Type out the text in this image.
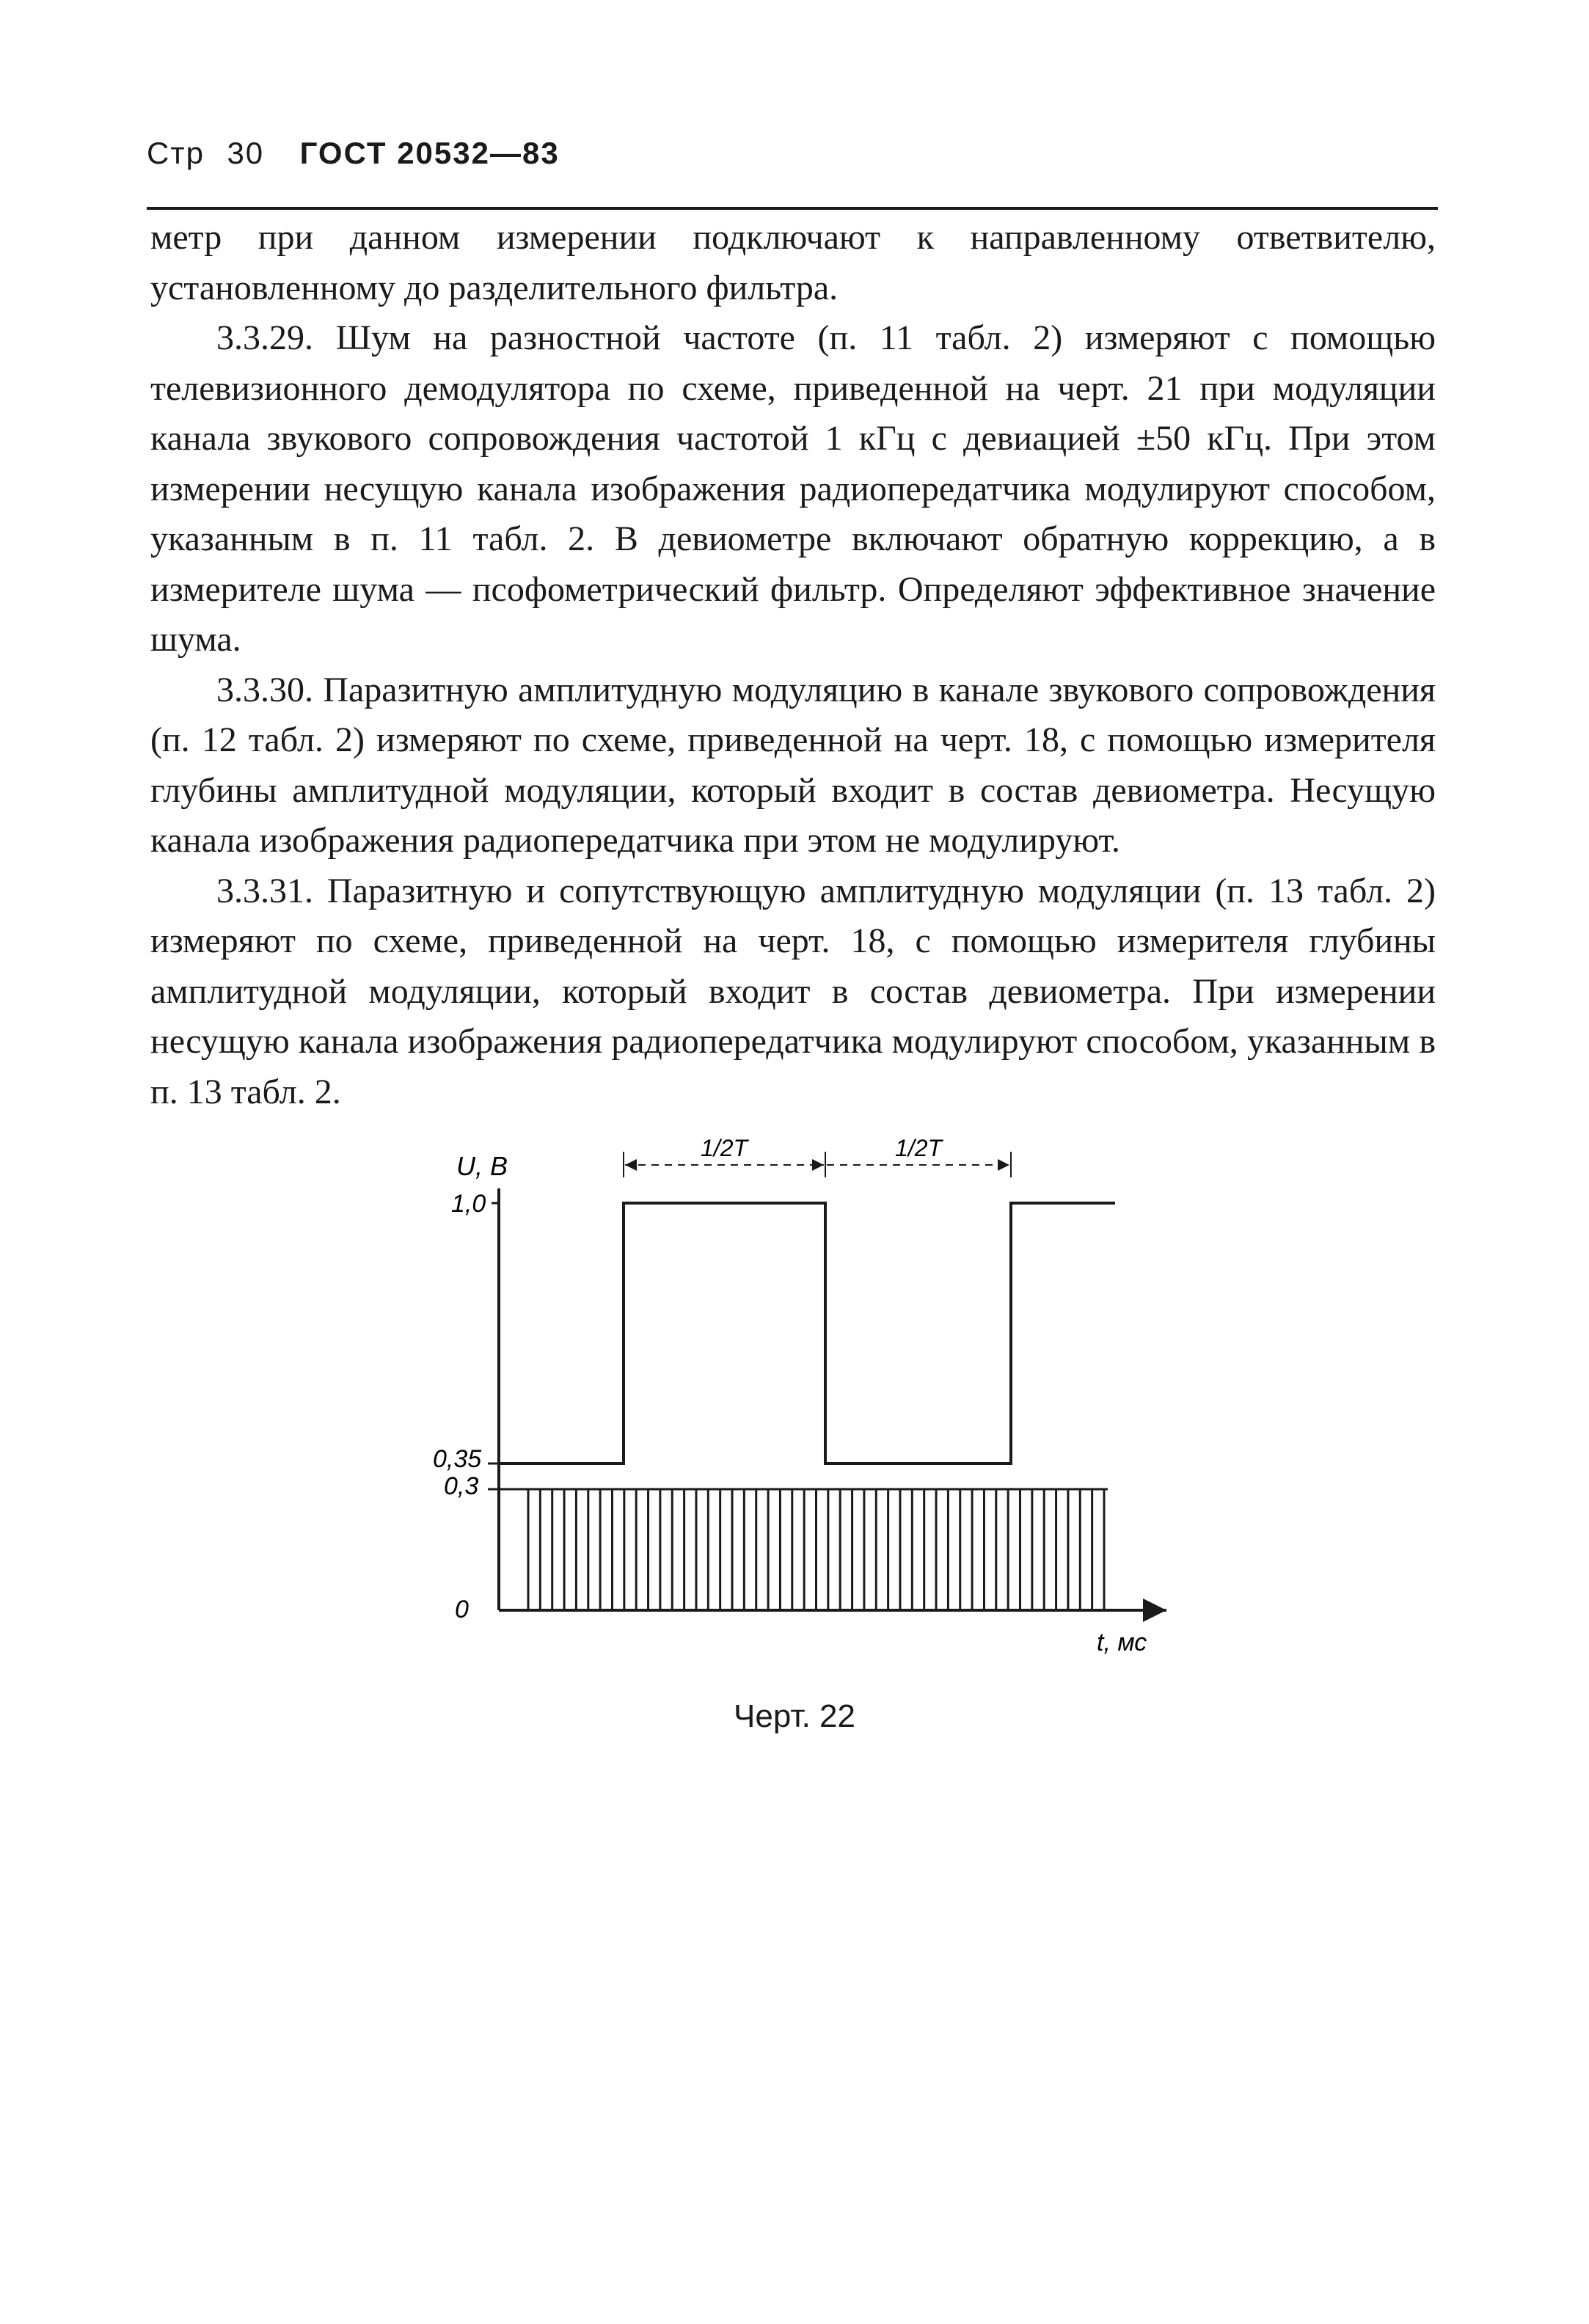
Стр 30 ГОСТ 20532—83

метр при данном измерении подключают к направленному ответвителю, установленному до разделительного фильтра.

3.3.29. Шум на разностной частоте (п. 11 табл. 2) измеряют с помощью телевизионного демодулятора по схеме, приведенной на черт. 21 при модуляции канала звукового сопровождения частотой 1 кГц с девиацией ±50 кГц. При этом измерении несущую канала изображения радиопередатчика модулируют способом, указанным в п. 11 табл. 2. В девиометре включают обратную коррекцию, а в измерителе шума — псофометрический фильтр. Определяют эффективное значение шума.

3.3.30. Паразитную амплитудную модуляцию в канале звукового сопровождения (п. 12 табл. 2) измеряют по схеме, приведенной на черт. 18, с помощью измерителя глубины амплитудной модуляции, который входит в состав девиометра. Несущую канала изображения радиопередатчика при этом не модулируют.

3.3.31. Паразитную и сопутствующую амплитудную модуляции (п. 13 табл. 2) измеряют по схеме, приведенной на черт. 18, с помощью измерителя глубины амплитудной модуляции, который входит в состав девиометра. При измерении несущую канала изображения радиопередатчика модулируют способом, указанным в п. 13 табл. 2.

U, В
t, мс
1,0
0,35
0,3
0
1/2T	1/2T
Черт. 22
